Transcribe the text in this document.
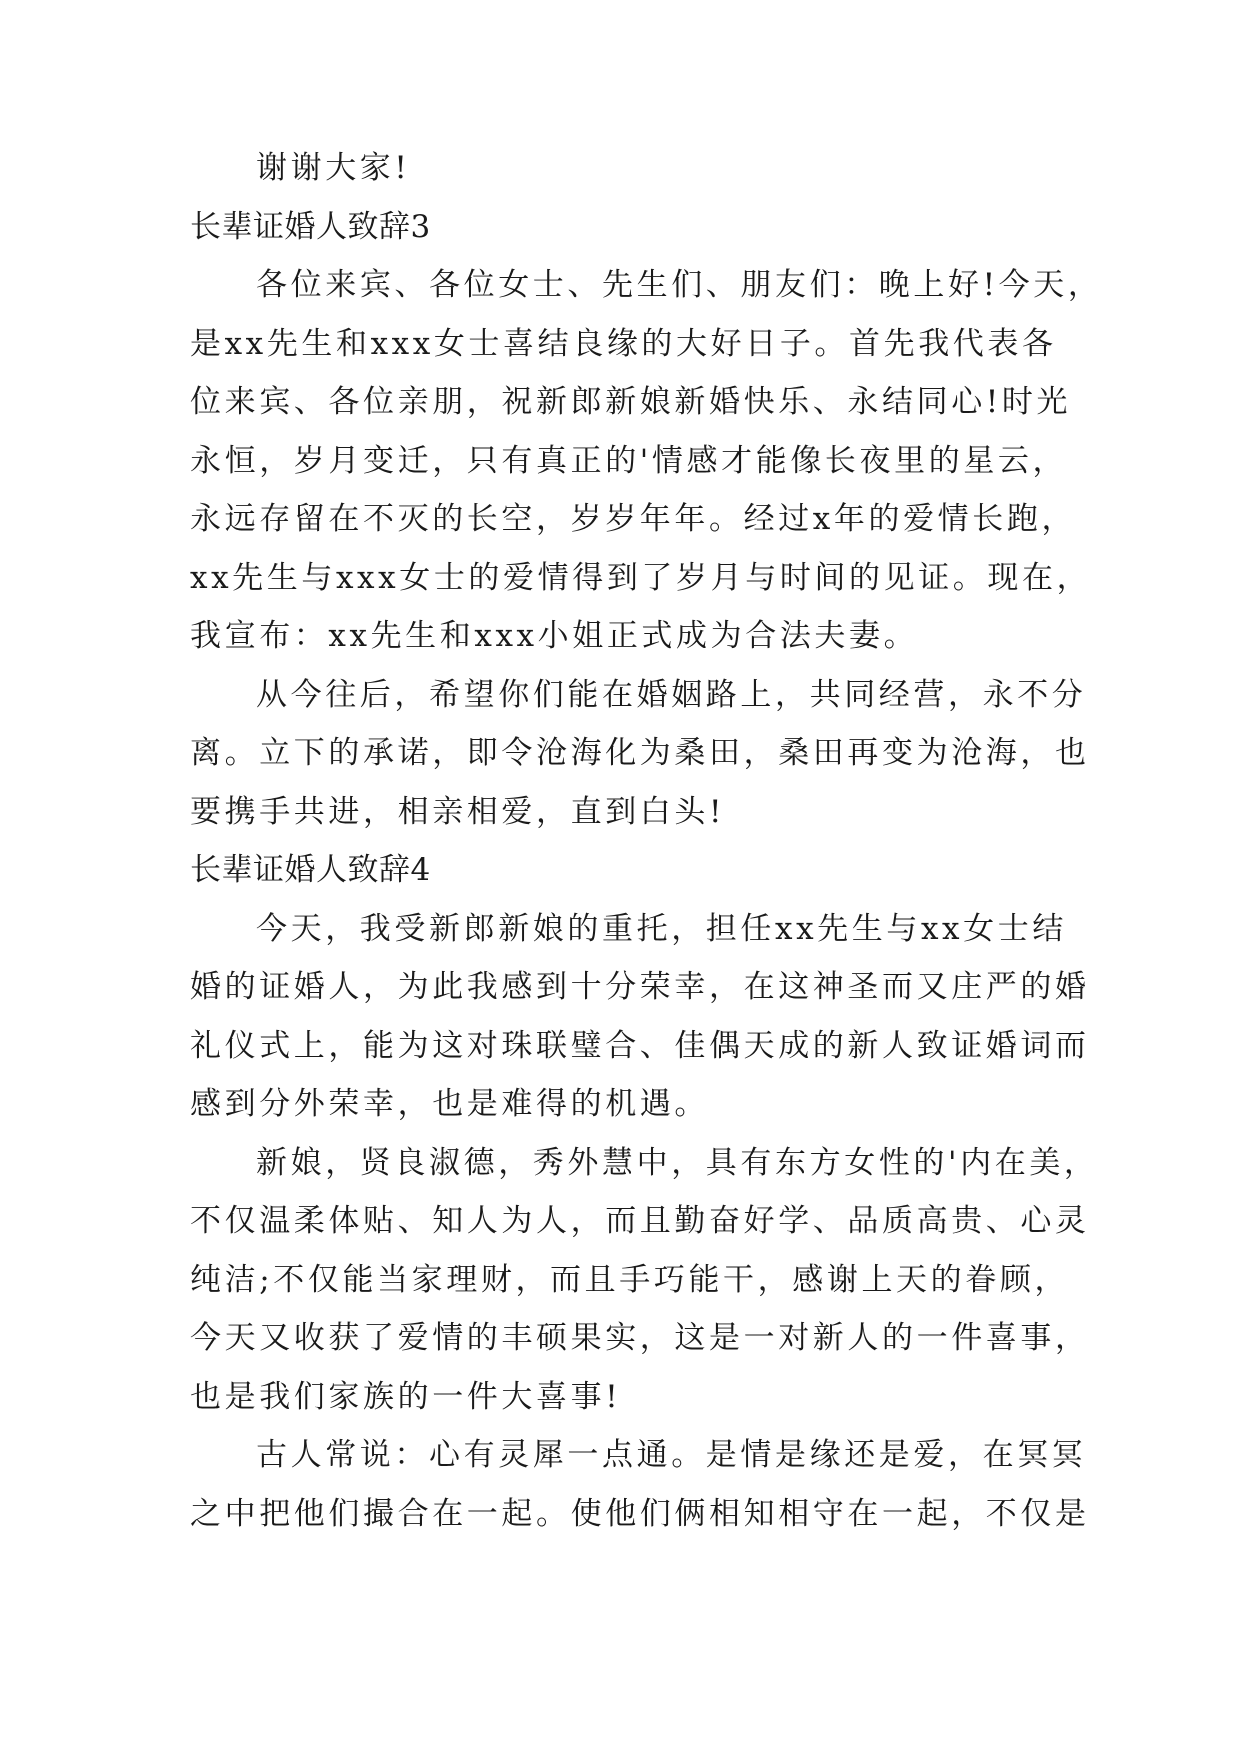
谢谢大家!
长辈证婚人致辞3
各位来宾、各位女士、先生们、朋友们：晚上好!今天，
是xx先生和xxx女士喜结良缘的大好日子。首先我代表各
位来宾、各位亲朋，祝新郎新娘新婚快乐、永结同心!时光
永恒，岁月变迁，只有真正的'情感才能像长夜里的星云，
永远存留在不灭的长空，岁岁年年。经过x年的爱情长跑，
xx先生与xxx女士的爱情得到了岁月与时间的见证。现在，
我宣布：xx先生和xxx小姐正式成为合法夫妻。
从今往后，希望你们能在婚姻路上，共同经营，永不分
离。立下的承诺，即令沧海化为桑田，桑田再变为沧海，也
要携手共进，相亲相爱，直到白头!
长辈证婚人致辞4
今天，我受新郎新娘的重托，担任xx先生与xx女士结
婚的证婚人，为此我感到十分荣幸，在这神圣而又庄严的婚
礼仪式上，能为这对珠联璧合、佳偶天成的新人致证婚词而
感到分外荣幸，也是难得的机遇。
新娘，贤良淑德，秀外慧中，具有东方女性的'内在美，
不仅温柔体贴、知人为人，而且勤奋好学、品质高贵、心灵
纯洁;不仅能当家理财，而且手巧能干，感谢上天的眷顾，
今天又收获了爱情的丰硕果实，这是一对新人的一件喜事，
也是我们家族的一件大喜事!
古人常说：心有灵犀一点通。是情是缘还是爱，在冥冥
之中把他们撮合在一起。使他们俩相知相守在一起，不仅是
